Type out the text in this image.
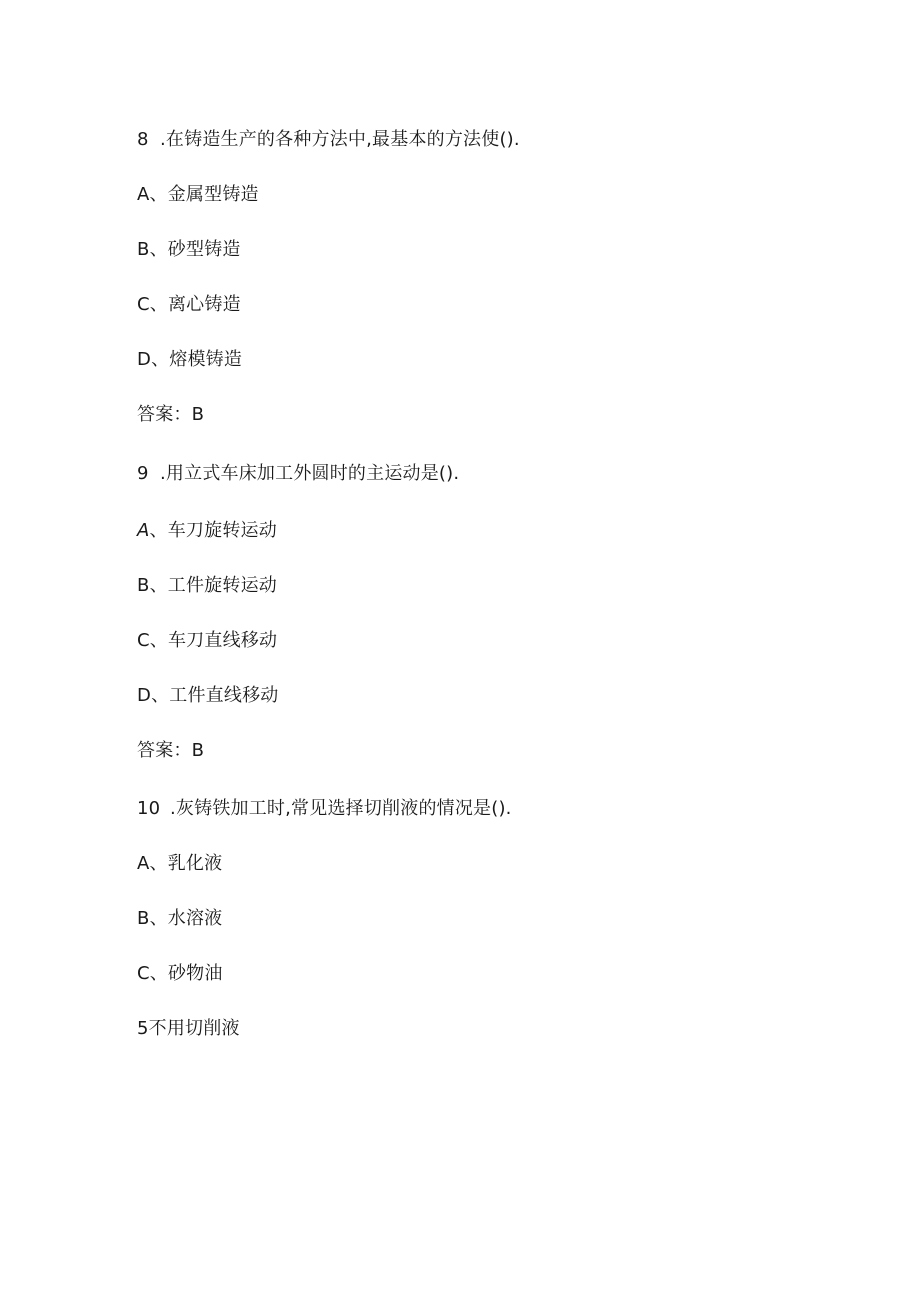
8 .在铸造生产的各种方法中,最基本的方法使().
A、金属型铸造
B、砂型铸造
C、离心铸造
D、熔模铸造
答案：B
9 .用立式车床加工外圆时的主运动是().
A、车刀旋转运动
B、工件旋转运动
C、车刀直线移动
D、工件直线移动
答案：B
10 .灰铸铁加工时,常见选择切削液的情况是().
A、乳化液
B、水溶液
C、砂物油
5不用切削液
